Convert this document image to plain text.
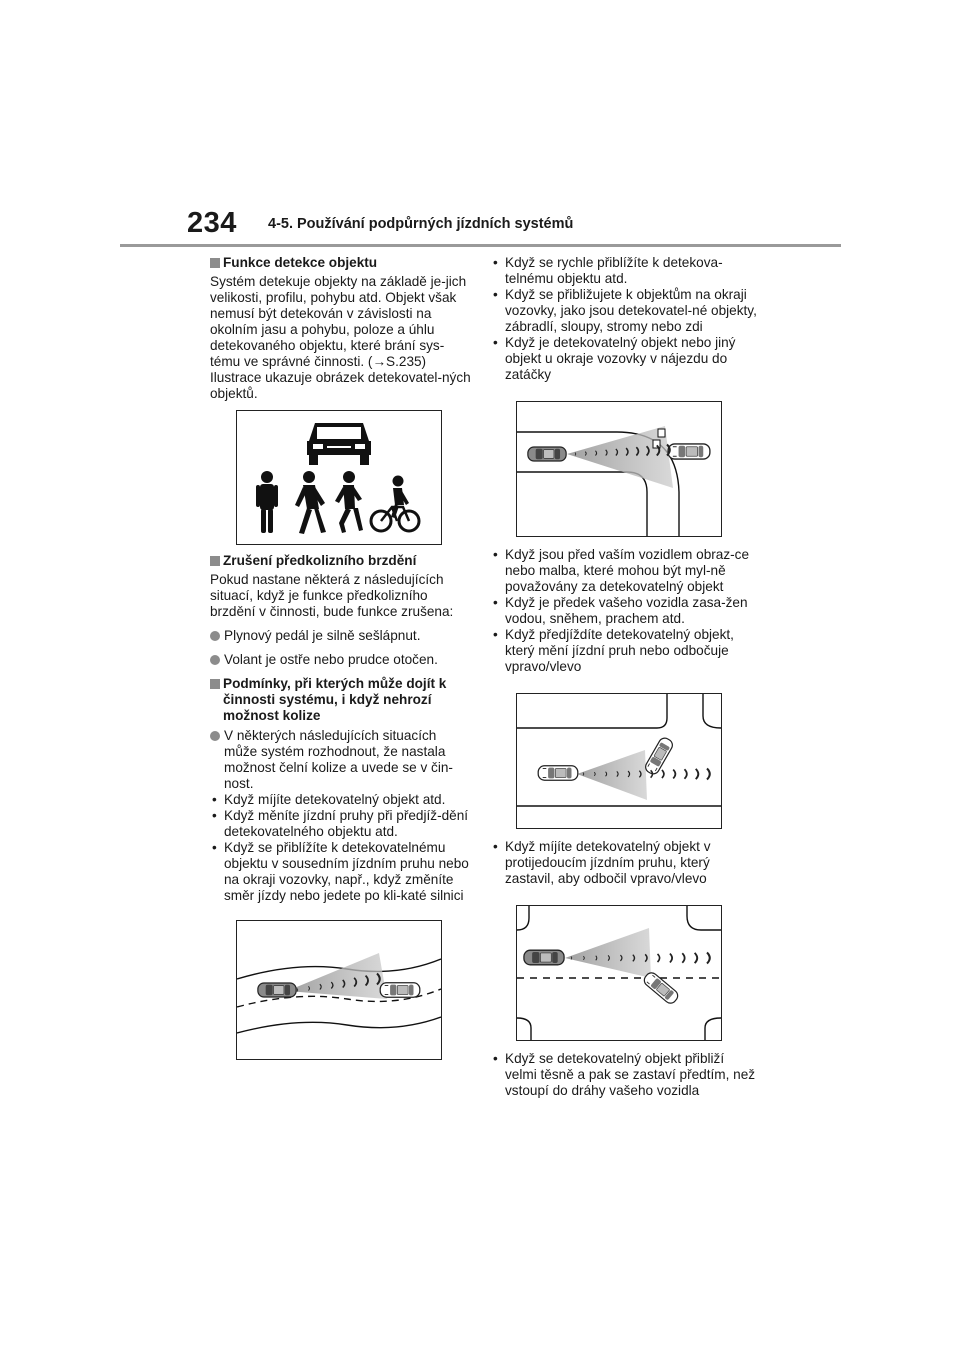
234 4-5. Používání podpůrných jízdních systémů
Funkce detekce objektu

Systém detekuje objekty na základě je-jich velikosti, profilu, pohybu atd. Objekt však nemusí být detekován v závislosti na okolním jasu a pohybu, poloze a úhlu detekovaného objektu, které brání sys-tému ve správné činnosti. (→S.235) Ilustrace ukazuje obrázek detekovatel-ných objektů.

Zrušení předkolizního brzdění

Pokud nastane některá z následujících situací, když je funkce předkolizního brzdění v činnosti, bude funkce zrušena:

Plynový pedál je silně sešlápnut.
Volant je ostře nebo prudce otočen.
Podmínky, při kterých může dojít k činnosti systému, i když nehrozí možnost kolize
V některých následujících situacích může systém rozhodnout, že nastala možnost čelní kolize a uvede se v čin-nost.
• Když míjíte detekovatelný objekt atd.
• Když měníte jízdní pruhy při předjíž-dění detekovatelného objektu atd.
• Když se přiblížíte k detekovatelnému objektu v sousedním jízdním pruhu nebo na okraji vozovky, např., když změníte směr jízdy nebo jedete po kli-katé silnici
• Když se rychle přiblížíte k detekova-telnému objektu atd.
• Když se přibližujete k objektům na okraji vozovky, jako jsou detekovatel-né objekty, zábradlí, sloupy, stromy nebo zdi
• Když je detekovatelný objekt nebo jiný objekt u okraje vozovky v nájezdu do zatáčky
• Když jsou před vaším vozidlem obraz-ce nebo malba, které mohou být myl-ně považovány za detekovatelný objekt
• Když je předek vašeho vozidla zasa-žen vodou, sněhem, prachem atd.
• Když předjíždíte detekovatelný objekt, který mění jízdní pruh nebo odbočuje vpravo/vlevo
• Když míjíte detekovatelný objekt v protijedoucím jízdním pruhu, který zastavil, aby odbočil vpravo/vlevo
• Když se detekovatelný objekt přibliží velmi těsně a pak se zastaví předtím, než vstoupí do dráhy vašeho vozidla
